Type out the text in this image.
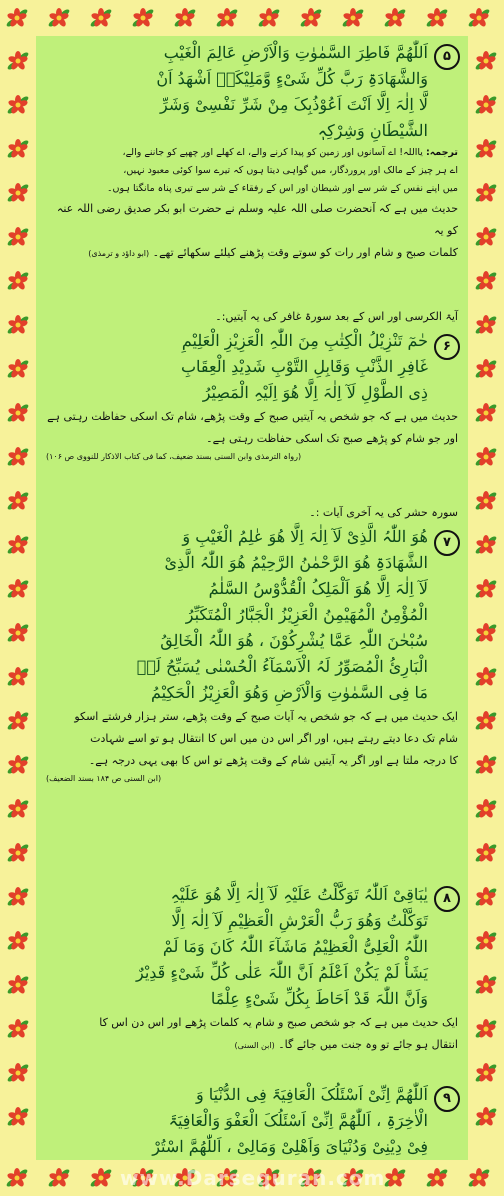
۵
اَللّٰھُمَّ فَاطِرَ السَّمٰوٰتِ وَالْاَرْضِ عَالِمَ الْغَیْبِ
وَالشَّھَادَۃِ رَبَّ کُلِّ شَیْءٍ وَّمَلِیْکَہٗ اَشْھَدُ اَنْ
لَّا اِلٰہَ اِلَّا اَنْتَ اَعُوْذُبِکَ مِنْ شَرِّ نَفْسِیْ وَشَرِّ
الشَّیْطَانِ وَشِرْکِہٖ
ترجمہ: یااللہ! اے آسانوں اور زمین کو پیدا کرنے والے، اے کھلے اور چھپے کو جاننے والے،
اے ہر چیز کے مالک اور پروردگار، میں گواہی دیتا ہوں کہ تیرے سوا کوئی معبود نہیں،
میں اپنے نفس کے شر سے اور شیطان اور اس کے رفقاء کے شر سے تیری پناہ مانگتا ہوں۔
حدیث میں ہے کہ آنحضرت صلی اللہ علیہ وسلم نے حضرت ابو بکر صدیق رضی اللہ عنہ کو یہ
کلمات صبح و شام اور رات کو سوتے وقت پڑھنے کیلئے سکھائے تھے۔ (ابو داؤد و ترمذی)
آیۃ الکرسی اور اس کے بعد سورۃ غافر کی یہ آیتیں:۔
۶
حٰمٓ تَنْزِیْلُ الْکِتٰبِ مِنَ اللّٰہِ الْعَزِیْزِ الْعَلِیْمِ
غَافِرِ الذَّنْبِ وَقَابِلِ التَّوْبِ شَدِیْدِ الْعِقَابِ
ذِی الطَّوْلِ لَآ اِلٰہَ اِلَّا ھُوَ اِلَیْہِ الْمَصِیْرُ
حدیث میں ہے کہ جو شخص یہ آیتیں صبح کے وقت پڑھے، شام تک اسکی حفاظت رہتی ہے
اور جو شام کو پڑھے صبح تک اسکی حفاظت رہتی ہے۔
(رواہ الترمذی وابن السنی بسند ضعیف، کما فی کتاب الاذکار للنووی ص ۱۰۶)
سورہ حشر کی یہ آخری آیات :۔
۷
ھُوَ اللّٰہُ الَّذِیْ لَآ اِلٰہَ اِلَّا ھُوَ عٰلِمُ الْغَیْبِ وَ
الشَّھَادَۃِ ھُوَ الرَّحْمٰنُ الرَّحِیْمُ ھُوَ اللّٰہُ الَّذِیْ
لَآ اِلٰہَ اِلَّا ھُوَ اَلْمَلِکُ الْقُدُّوْسُ السَّلٰمُ
الْمُؤْمِنُ الْمُھَیْمِنُ الْعَزِیْزُ الْجَبَّارُ الْمُتَکَبِّرُ
سُبْحٰنَ اللّٰہِ عَمَّا یُشْرِکُوْنَ ، ھُوَ اللّٰہُ الْخَالِقُ
الْبَارِئُ الْمُصَوِّرُ لَہُ الْاَسْمَآءُ الْحُسْنٰی یُسَبِّحُ لَہٗ
مَا فِی السَّمٰوٰتِ وَالْاَرْضِ وَھُوَ الْعَزِیْزُ الْحَکِیْمُ
ایک حدیث میں ہے کہ جو شخص یہ آیات صبح کے وقت پڑھے، ستر ہزار فرشتے اسکو
شام تک دعا دیتے رہتے ہیں، اور اگر اس دن میں اس کا انتقال ہو تو اسے شہادت
کا درجہ ملتا ہے اور اگر یہ آیتیں شام کے وقت پڑھے تو اس کا بھی یہی درجہ ہے۔
(ابن السنی ص ۱۸۴ بسند الضعیف)
۸
یٰبَاقِیْ اَللّٰہُ تَوَکَّلْتُ عَلَیْہِ لَآ اِلٰہَ اِلَّا ھُوَ عَلَیْہِ
تَوَکَّلْتُ وَھُوَ رَبُّ الْعَرْشِ الْعَظِیْمِ لَآ اِلٰہَ اِلَّا
اللّٰہُ الْعَلِیُّ الْعَظِیْمُ مَاشَآءَ اللّٰہُ کَانَ وَمَا لَمْ
یَشَأْ لَمْ یَکُنْ اَعْلَمُ اَنَّ اللّٰہَ عَلٰی کُلِّ شَیْءٍ قَدِیْرٌ
وَاَنَّ اللّٰہَ قَدْ اَحَاطَ بِکُلِّ شَیْءٍ عِلْمًا
ایک حدیث میں ہے کہ جو شخص صبح و شام یہ کلمات پڑھے اور اس دن اس کا
انتقال ہو جائے تو وہ جنت میں جائے گا۔ (ابن السنی)
۹
اَللّٰھُمَّ اِنِّیْ اَسْئَلُکَ الْعَافِیَۃَ فِی الدُّنْیَا وَ
الْاٰخِرَۃِ ، اَللّٰھُمَّ اِنِّیْ اَسْئَلُکَ الْعَفْوَ وَالْعَافِیَۃَ
فِیْ دِیْنِیْ وَدُنْیَایَ وَاَھْلِیْ وَمَالِیْ ، اَللّٰھُمَّ اسْتُرْ
www.Darsequran.com
